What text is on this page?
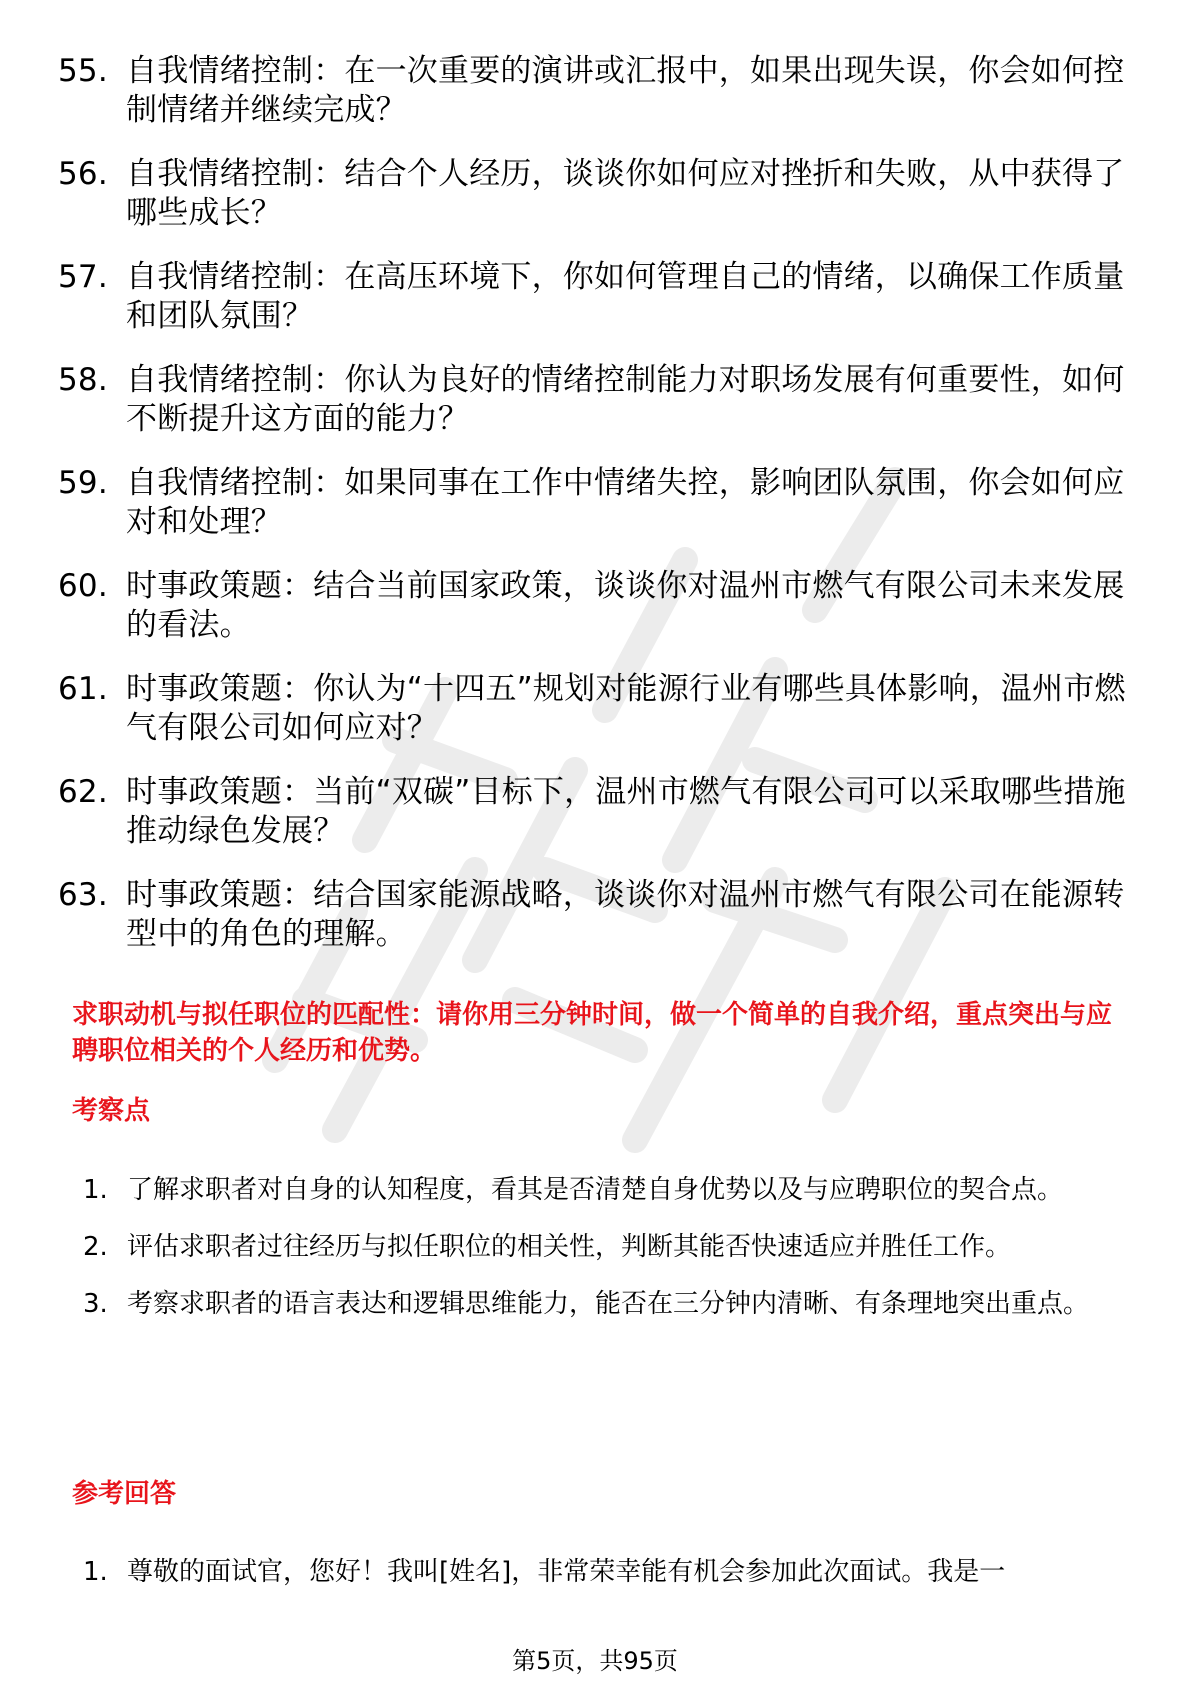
55. 自我情绪控制：在一次重要的演讲或汇报中，如果出现失误，你会如何控制情绪并继续完成？
56. 自我情绪控制：结合个人经历，谈谈你如何应对挫折和失败，从中获得了哪些成长？
57. 自我情绪控制：在高压环境下，你如何管理自己的情绪，以确保工作质量和团队氛围？
58. 自我情绪控制：你认为良好的情绪控制能力对职场发展有何重要性，如何不断提升这方面的能力？
59. 自我情绪控制：如果同事在工作中情绪失控，影响团队氛围，你会如何应对和处理？
60. 时事政策题：结合当前国家政策，谈谈你对温州市燃气有限公司未来发展的看法。
61. 时事政策题：你认为“十四五”规划对能源行业有哪些具体影响，温州市燃气有限公司如何应对？
62. 时事政策题：当前“双碳”目标下，温州市燃气有限公司可以采取哪些措施推动绿色发展？
63. 时事政策题：结合国家能源战略，谈谈你对温州市燃气有限公司在能源转型中的角色的理解。
求职动机与拟任职位的匹配性：请你用三分钟时间，做一个简单的自我介绍，重点突出与应聘职位相关的个人经历和优势。
考察点
1. 了解求职者对自身的认知程度，看其是否清楚自身优势以及与应聘职位的契合点。
2. 评估求职者过往经历与拟任职位的相关性，判断其能否快速适应并胜任工作。
3. 考察求职者的语言表达和逻辑思维能力，能否在三分钟内清晰、有条理地突出重点。
参考回答
1. 尊敬的面试官，您好！我叫[姓名]，非常荣幸能有机会参加此次面试。我是一
第5页，共95页
